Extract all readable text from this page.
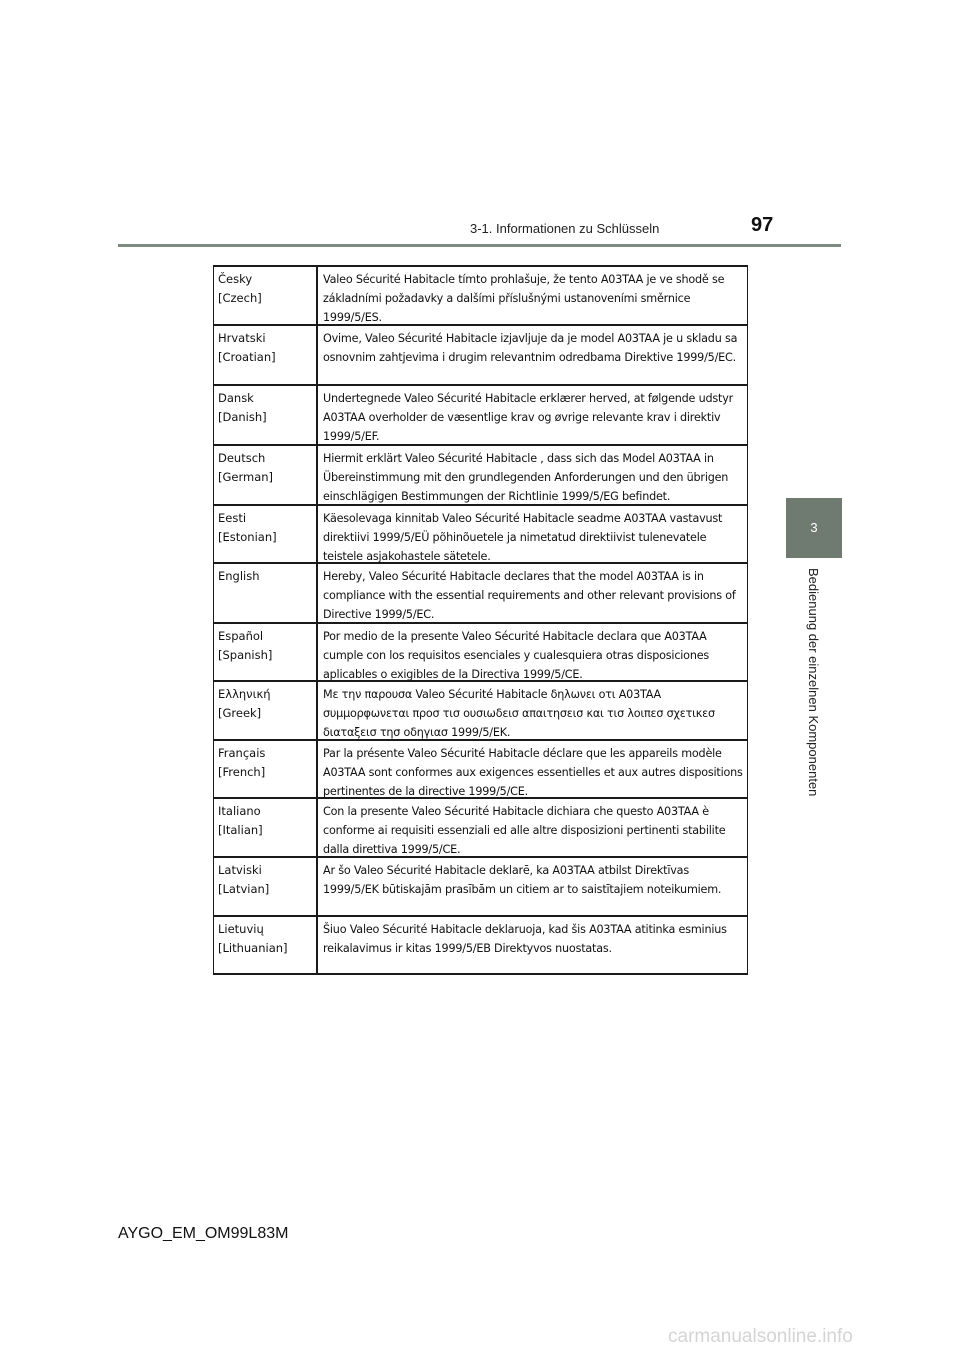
3-1. Informationen zu Schlüsseln	97
3
Bedienung der einzelnen Komponenten
Česky
[Czech]
Valeo Sécurité Habitacle tímto prohlašuje, že tento A03TAA je ve shodě se základními požadavky a dalšími příslušnými ustanoveními směrnice 1999/5/ES.
Hrvatski
[Croatian]
Ovime, Valeo Sécurité Habitacle izjavljuje da je model A03TAA je u skladu sa osnovnim zahtjevima i drugim relevantnim odredbama Direktive 1999/5/EC.
Dansk
[Danish]
Undertegnede Valeo Sécurité Habitacle erklærer herved, at følgende udstyr A03TAA overholder de væsentlige krav og øvrige relevante krav i direktiv 1999/5/EF.
Deutsch
[German]
Hiermit erklärt Valeo Sécurité Habitacle , dass sich das Model A03TAA in Übereinstimmung mit den grundlegenden Anforderungen und den übrigen einschlägigen Bestimmungen der Richtlinie 1999/5/EG befindet.
Eesti
[Estonian]
Käesolevaga kinnitab Valeo Sécurité Habitacle seadme A03TAA vastavust direktiivi 1999/5/EÜ põhinõuetele ja nimetatud direktiivist tulenevatele teistele asjakohastele sätetele.
English	Hereby, Valeo Sécurité Habitacle declares that the model A03TAA is in compliance with the essential requirements and other relevant provisions of Directive 1999/5/EC.
Español
[Spanish]
Por medio de la presente Valeo Sécurité Habitacle declara que A03TAA cumple con los requisitos esenciales y cualesquiera otras disposiciones aplicables o exigibles de la Directiva 1999/5/CE.
Ελληνική
[Greek]
Με την παρουσα Valeo Sécurité Habitacle δηλωνει οτι A03TAA συμμορφωνεται προσ τισ ουσιωδεισ απαιτησεισ και τισ λοιπεσ σχετικεσ διαταξεισ τησ οδηγιασ 1999/5/ΕΚ.
Français
[French]
Par la présente Valeo Sécurité Habitacle déclare que les appareils modèle A03TAA sont conformes aux exigences essentielles et aux autres dispositions pertinentes de la directive 1999/5/CE.
Italiano
[Italian]
Con la presente Valeo Sécurité Habitacle dichiara che questo A03TAA è conforme ai requisiti essenziali ed alle altre disposizioni pertinenti stabilite dalla direttiva 1999/5/CE.
Latviski
[Latvian]
Ar šo Valeo Sécurité Habitacle deklarē, ka A03TAA atbilst Direktīvas 1999/5/EK būtiskajām prasībām un citiem ar to saistītajiem noteikumiem.
Lietuvių
[Lithuanian]
Šiuo Valeo Sécurité Habitacle deklaruoja, kad šis A03TAA atitinka esminius reikalavimus ir kitas 1999/5/EB Direktyvos nuostatas.
AYGO_EM_OM99L83M
carmanualsonline.info
